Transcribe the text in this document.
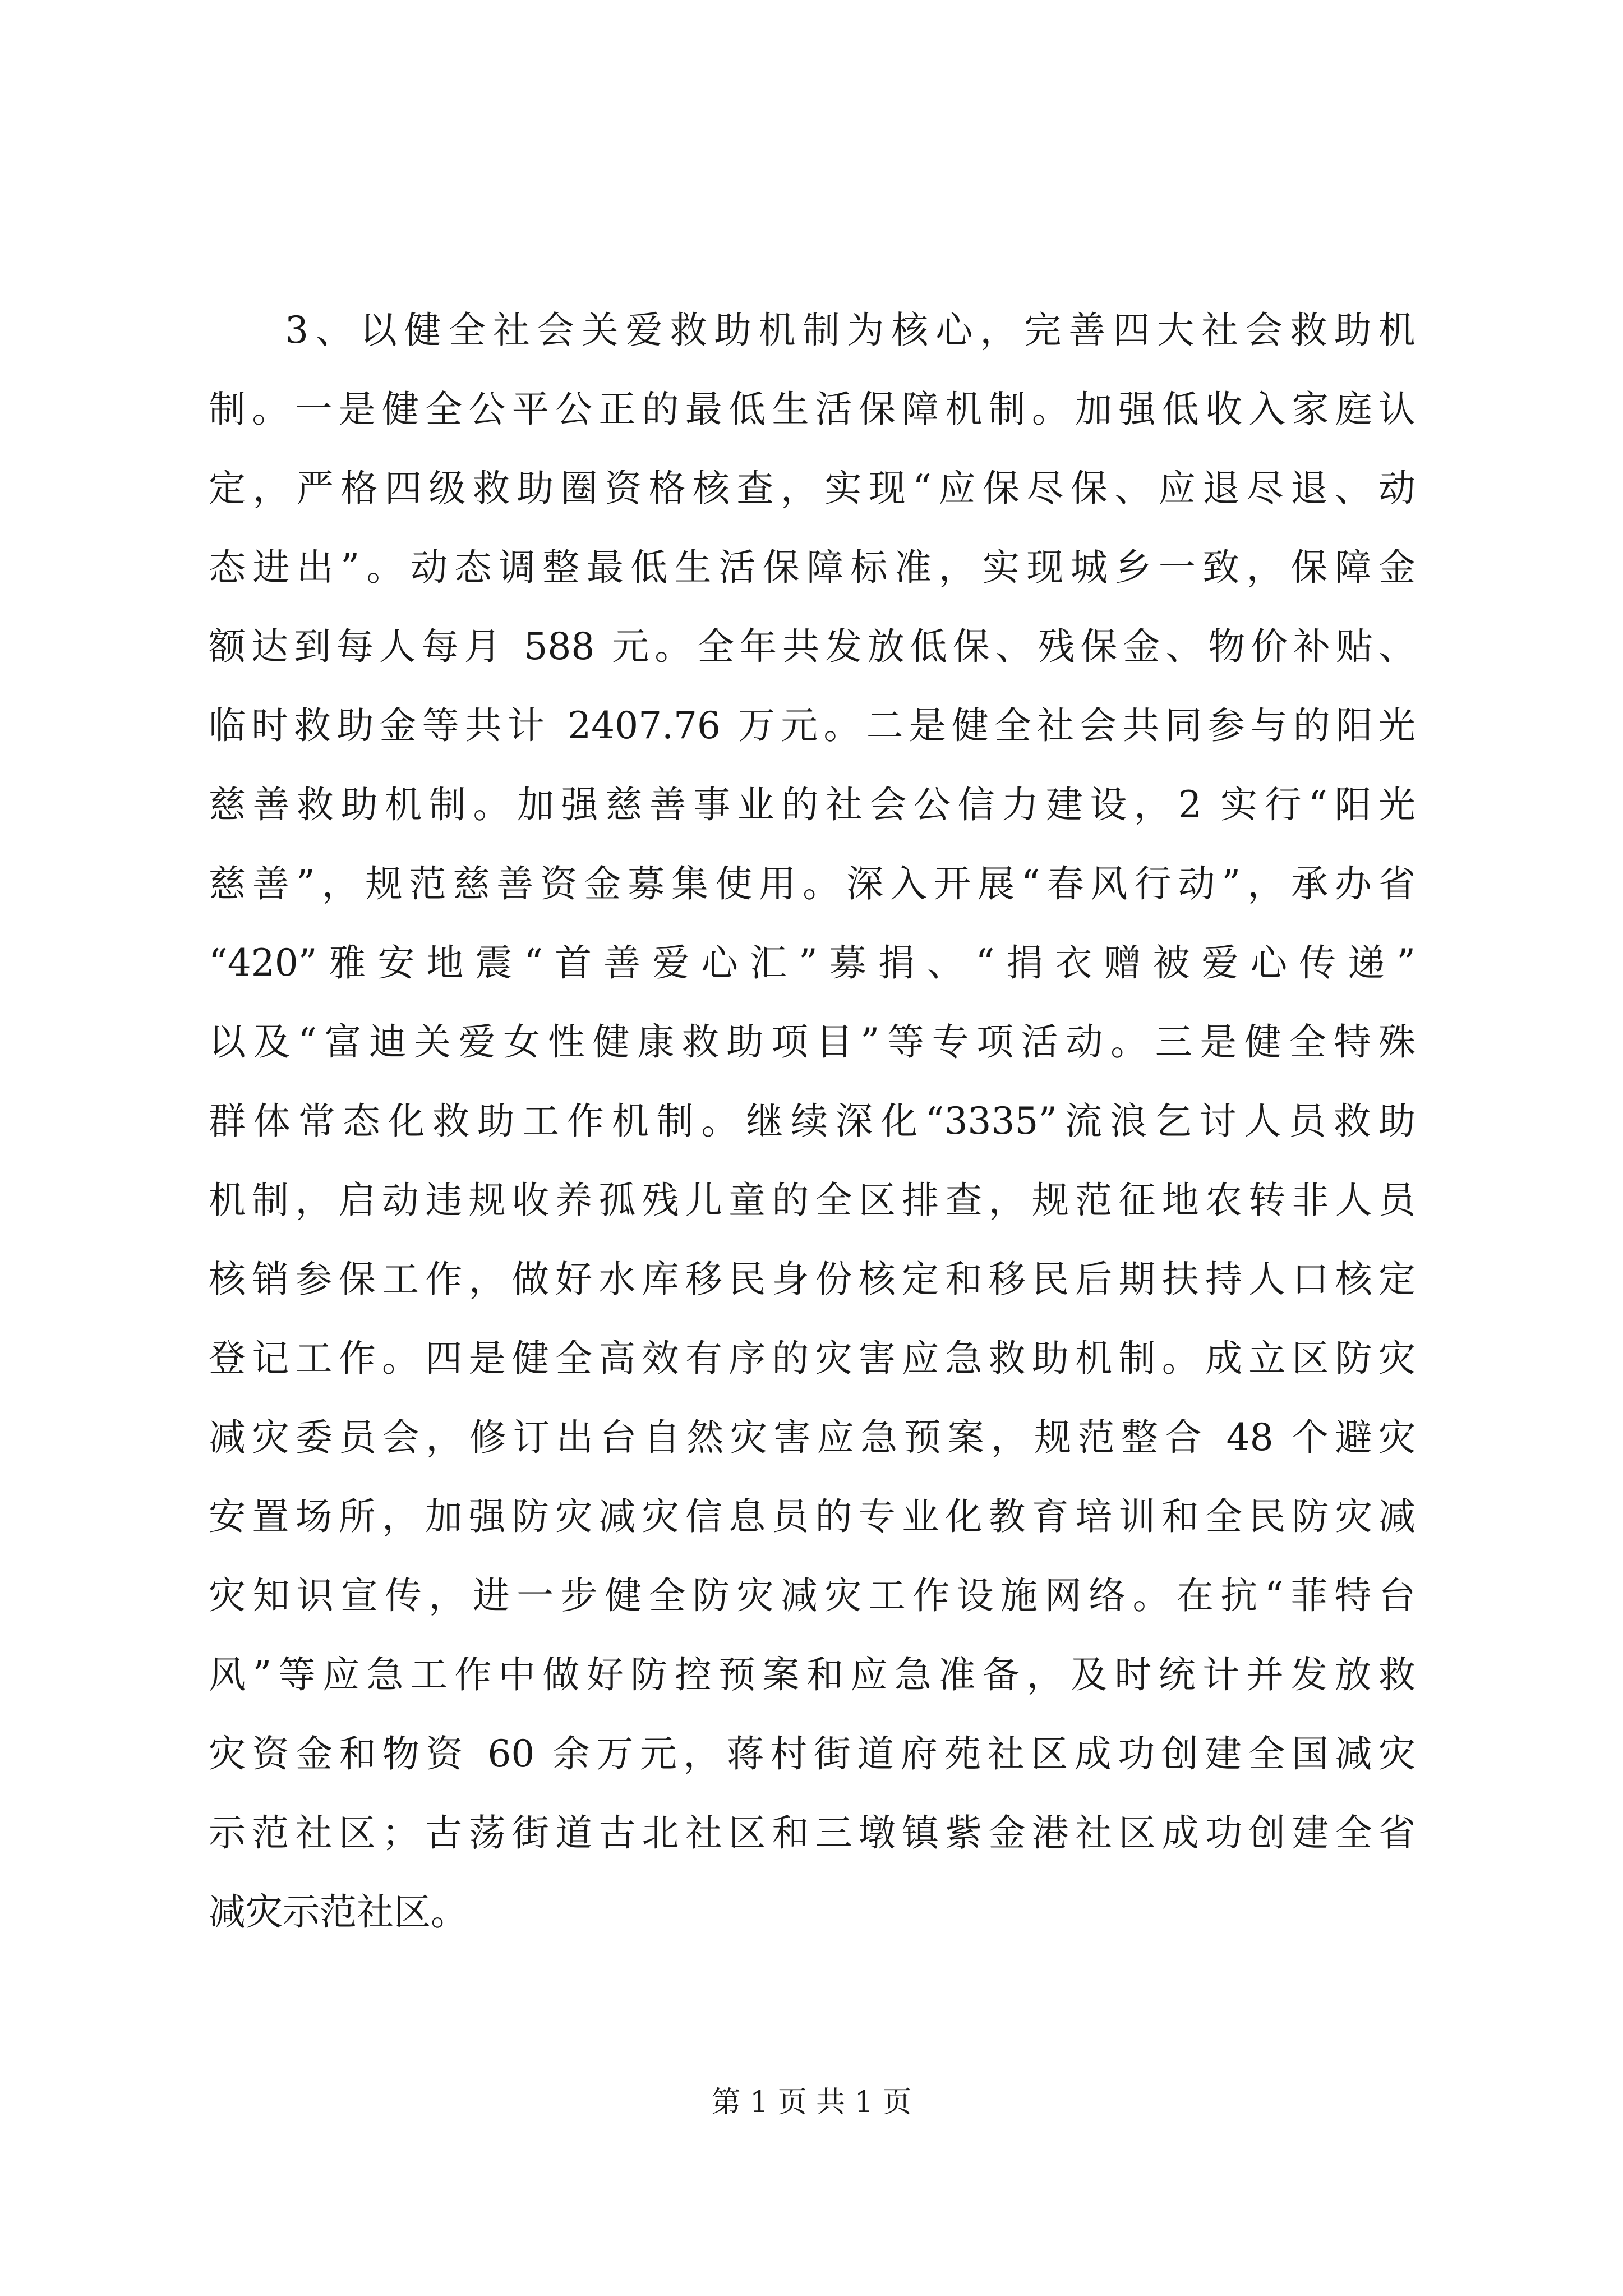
3、以健全社会关爱救助机制为核心，完善四大社会救助机
制。一是健全公平公正的最低生活保障机制。加强低收入家庭认
定，严格四级救助圈资格核查，实现“应保尽保、应退尽退、动
态进出”。动态调整最低生活保障标准，实现城乡一致，保障金
额达到每人每月 588 元。全年共发放低保、残保金、物价补贴、
临时救助金等共计 2407.76 万元。二是健全社会共同参与的阳光
慈善救助机制。加强慈善事业的社会公信力建设，2 实行“阳光
慈善”，规范慈善资金募集使用。深入开展“春风行动”，承办省
“420”雅安地震“首善爱心汇”募捐、“捐衣赠被爱心传递”
以及“富迪关爱女性健康救助项目”等专项活动。三是健全特殊
群体常态化救助工作机制。继续深化“3335”流浪乞讨人员救助
机制，启动违规收养孤残儿童的全区排查，规范征地农转非人员
核销参保工作，做好水库移民身份核定和移民后期扶持人口核定
登记工作。四是健全高效有序的灾害应急救助机制。成立区防灾
减灾委员会，修订出台自然灾害应急预案，规范整合 48 个避灾
安置场所，加强防灾减灾信息员的专业化教育培训和全民防灾减
灾知识宣传，进一步健全防灾减灾工作设施网络。在抗“菲特台
风”等应急工作中做好防控预案和应急准备，及时统计并发放救
灾资金和物资 60 余万元，蒋村街道府苑社区成功创建全国减灾
示范社区；古荡街道古北社区和三墩镇紫金港社区成功创建全省
减灾示范社区。
第 1 页 共 1 页
